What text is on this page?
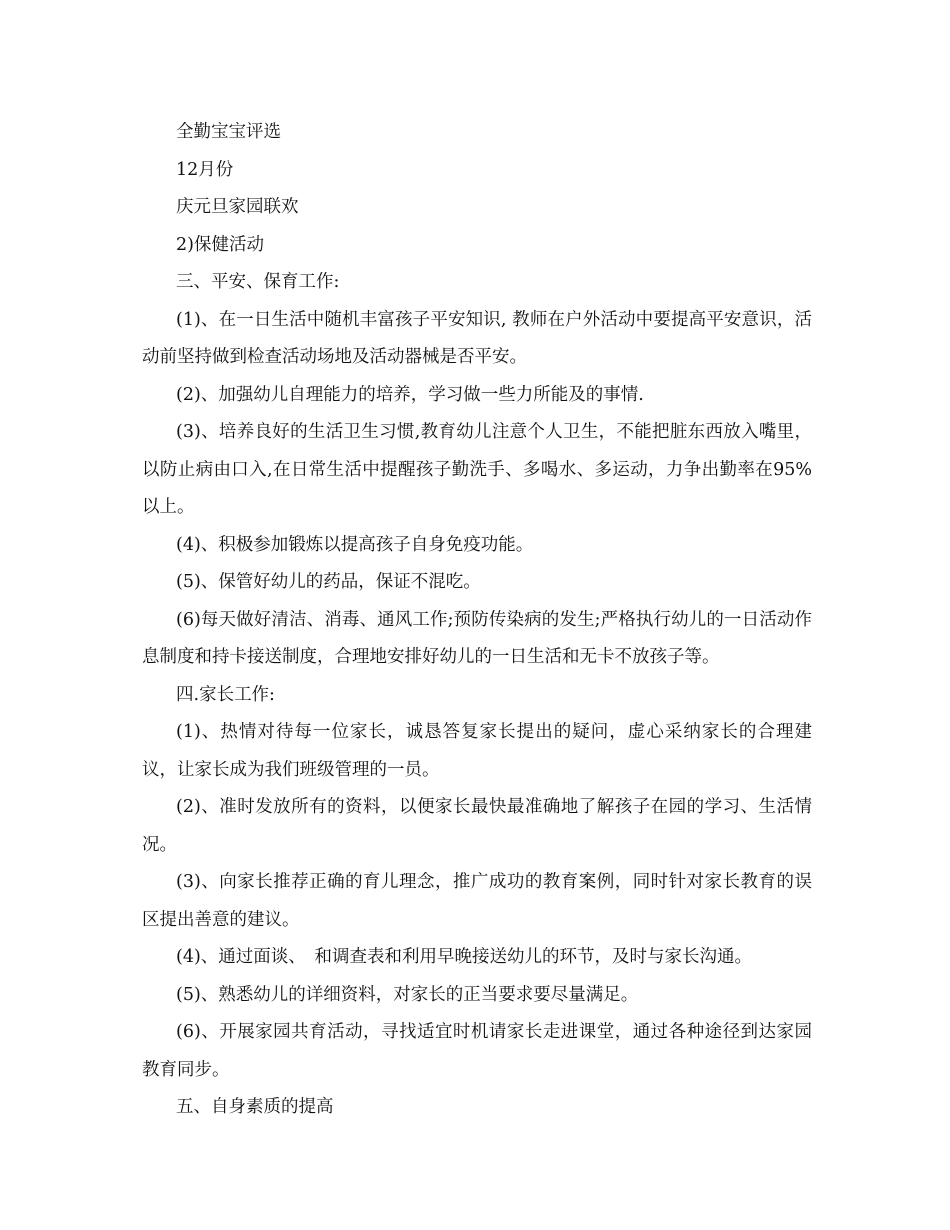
全勤宝宝评选

12月份

庆元旦家园联欢

2)保健活动

三、平安、保育工作:

(1)、在一日生活中随机丰富孩子平安知识, 教师在户外活动中要提高平安意识，活动前坚持做到检查活动场地及活动器械是否平安。

(2)、加强幼儿自理能力的培养，学习做一些力所能及的事情.

(3)、培养良好的生活卫生习惯,教育幼儿注意个人卫生，不能把脏东西放入嘴里，以防止病由口入,在日常生活中提醒孩子勤洗手、多喝水、多运动，力争出勤率在95%以上。

(4)、积极参加锻炼以提高孩子自身免疫功能。

(5)、保管好幼儿的药品，保证不混吃。

(6)每天做好清洁、消毒、通风工作;预防传染病的发生;严格执行幼儿的一日活动作息制度和持卡接送制度，合理地安排好幼儿的一日生活和无卡不放孩子等。

四.家长工作:

(1)、热情对待每一位家长，诚恳答复家长提出的疑问，虚心采纳家长的合理建议，让家长成为我们班级管理的一员。

(2)、准时发放所有的资料，以便家长最快最准确地了解孩子在园的学习、生活情况。

(3)、向家长推荐正确的育儿理念，推广成功的教育案例，同时针对家长教育的误区提出善意的建议。

(4)、通过面谈、　和调查表和利用早晚接送幼儿的环节，及时与家长沟通。

(5)、熟悉幼儿的详细资料，对家长的正当要求要尽量满足。

(6)、开展家园共育活动，寻找适宜时机请家长走进课堂，通过各种途径到达家园教育同步。

五、自身素质的提高
